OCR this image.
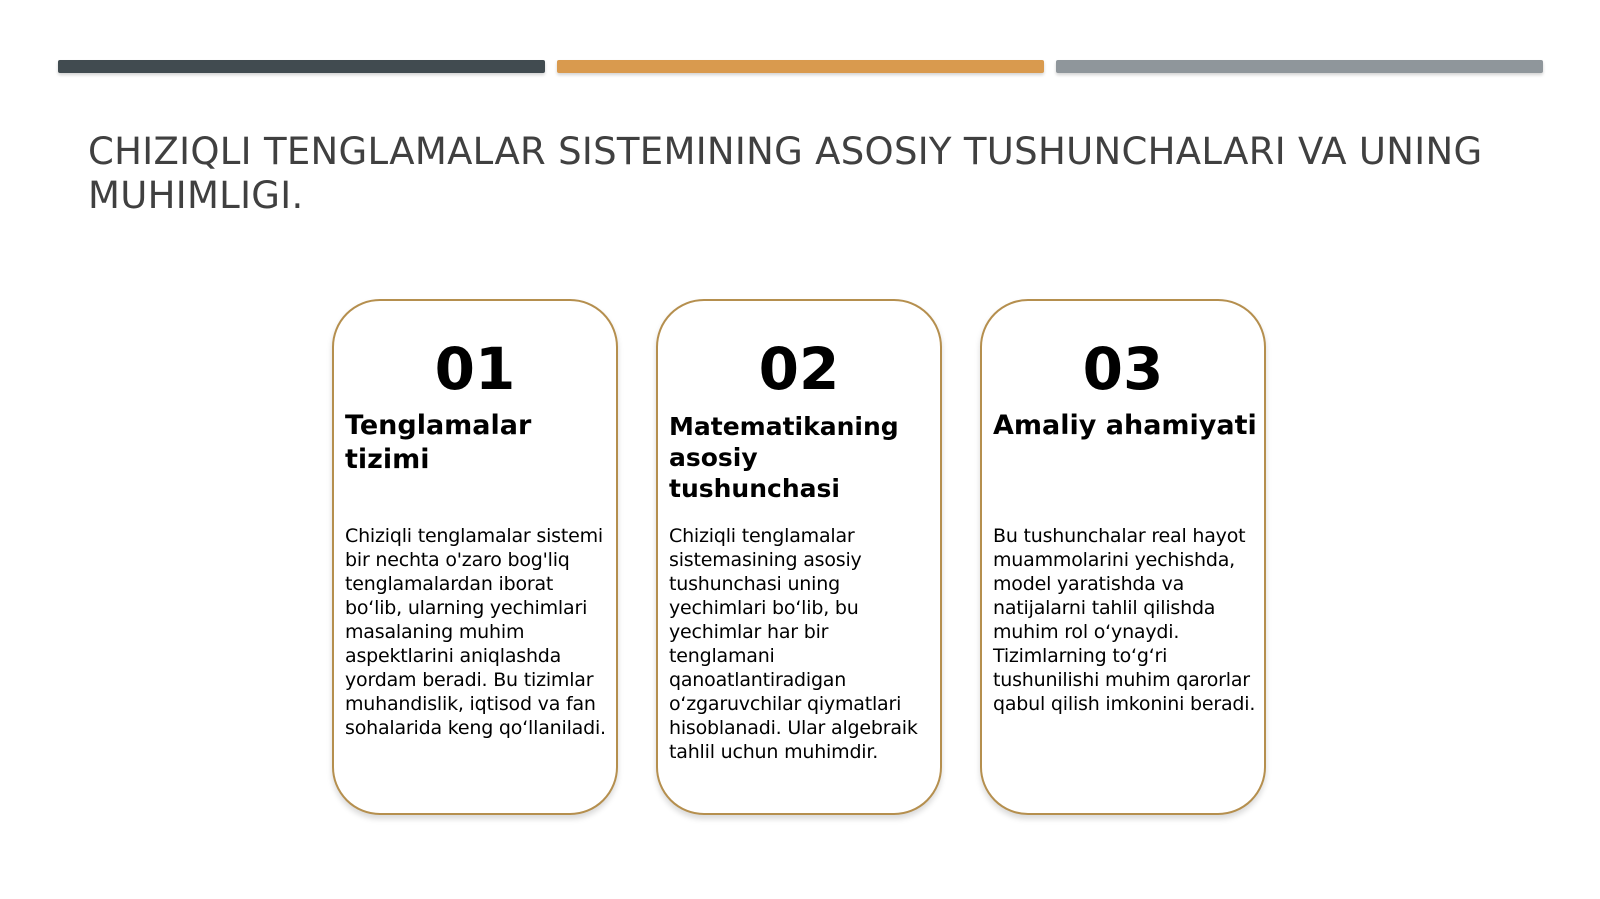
CHIZIQLI TENGLAMALAR SISTEMINING ASOSIY TUSHUNCHALARI VA UNING MUHIMLIGI.
01
Tenglamalar tizimi
Chiziqli tenglamalar sistemi bir nechta o'zaro bog'liq tenglamalardan iborat bo‘lib, ularning yechimlari masalaning muhim aspektlarini aniqlashda yordam beradi. Bu tizimlar muhandislik, iqtisod va fan sohalarida keng qo‘llaniladi.
02
Matematikaning asosiy tushunchasi
Chiziqli tenglamalar sistemasining asosiy tushunchasi uning yechimlari bo‘lib, bu yechimlar har bir tenglamani qanoatlantiradigan o‘zgaruvchilar qiymatlari hisoblanadi. Ular algebraik tahlil uchun muhimdir.
03
Amaliy ahamiyati
Bu tushunchalar real hayot muammolarini yechishda, model yaratishda va natijalarni tahlil qilishda muhim rol o‘ynaydi. Tizimlarning to‘g‘ri tushunilishi muhim qarorlar qabul qilish imkonini beradi.
